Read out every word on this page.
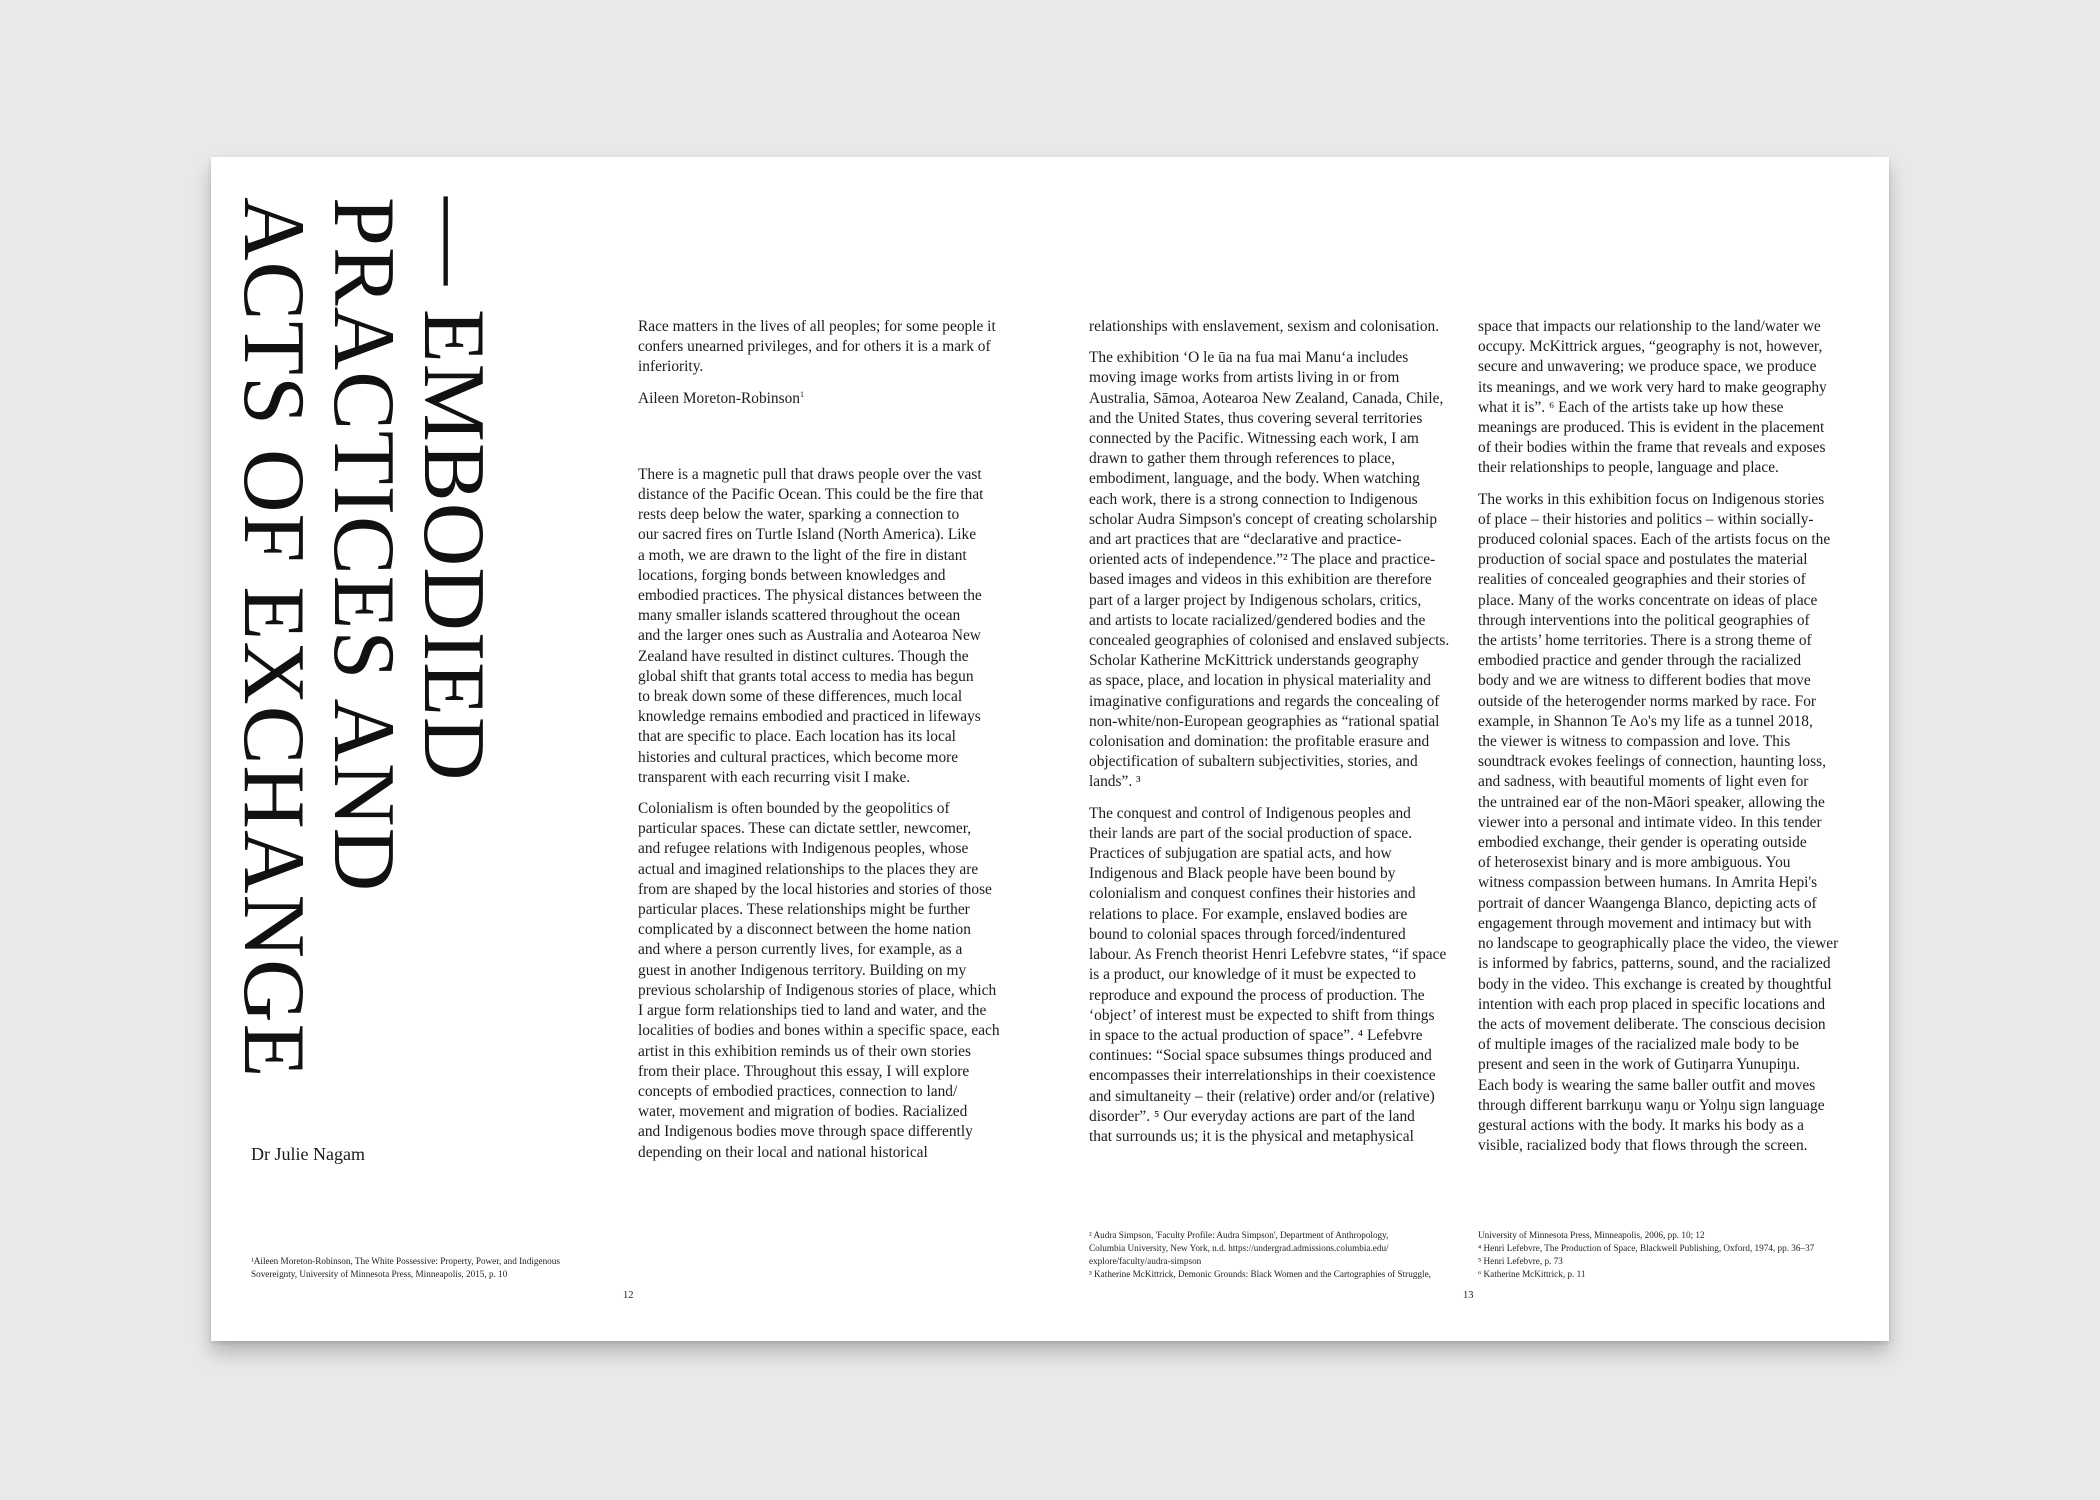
— EMBODIED
PRACTICES AND
ACTS OF EXCHANGE
Dr Julie Nagam
Race matters in the lives of all peoples; for some people it
confers unearned privileges, and for others it is a mark of
inferiority.
Aileen Moreton-Robinson$^1$

There is a magnetic pull that draws people over the vast
distance of the Pacific Ocean. This could be the fire that
rests deep below the water, sparking a connection to
our sacred fires on Turtle Island (North America). Like
a moth, we are drawn to the light of the fire in distant
locations, forging bonds between knowledges and
embodied practices. The physical distances between the
many smaller islands scattered throughout the ocean
and the larger ones such as Australia and Aotearoa New
Zealand have resulted in distinct cultures. Though the
global shift that grants total access to media has begun
to break down some of these differences, much local
knowledge remains embodied and practiced in lifeways
that are specific to place. Each location has its local
histories and cultural practices, which become more
transparent with each recurring visit I make.

Colonialism is often bounded by the geopolitics of
particular spaces. These can dictate settler, newcomer,
and refugee relations with Indigenous peoples, whose
actual and imagined relationships to the places they are
from are shaped by the local histories and stories of those
particular places. These relationships might be further
complicated by a disconnect between the home nation
and where a person currently lives, for example, as a
guest in another Indigenous territory. Building on my
previous scholarship of Indigenous stories of place, which
I argue form relationships tied to land and water, and the
localities of bodies and bones within a specific space, each
artist in this exhibition reminds us of their own stories
from their place. Throughout this essay, I will explore
concepts of embodied practices, connection to land/
water, movement and migration of bodies. Racialized
and Indigenous bodies move through space differently
depending on their local and national historical

¹Aileen Moreton-Robinson, The White Possessive: Property, Power, and Indigenous
Sovereignty, University of Minnesota Press, Minneapolis, 2015, p. 10
12

relationships with enslavement, sexism and colonisation.

The exhibition ʻO le ūa na fua mai Manuʻa includes
moving image works from artists living in or from
Australia, Sāmoa, Aotearoa New Zealand, Canada, Chile,
and the United States, thus covering several territories
connected by the Pacific. Witnessing each work, I am
drawn to gather them through references to place,
embodiment, language, and the body. When watching
each work, there is a strong connection to Indigenous
scholar Audra Simpson's concept of creating scholarship
and art practices that are “declarative and practice-
oriented acts of independence.”² The place and practice-
based images and videos in this exhibition are therefore
part of a larger project by Indigenous scholars, critics,
and artists to locate racialized/gendered bodies and the
concealed geographies of colonised and enslaved subjects.
Scholar Katherine McKittrick understands geography
as space, place, and location in physical materiality and
imaginative configurations and regards the concealing of
non-white/non-European geographies as “rational spatial
colonisation and domination: the profitable erasure and
objectification of subaltern subjectivities, stories, and
lands”. ³

The conquest and control of Indigenous peoples and
their lands are part of the social production of space.
Practices of subjugation are spatial acts, and how
Indigenous and Black people have been bound by
colonialism and conquest confines their histories and
relations to place. For example, enslaved bodies are
bound to colonial spaces through forced/indentured
labour. As French theorist Henri Lefebvre states, “if space
is a product, our knowledge of it must be expected to
reproduce and expound the process of production. The
‘object’ of interest must be expected to shift from things
in space to the actual production of space”. ⁴ Lefebvre
continues: “Social space subsumes things produced and
encompasses their interrelationships in their coexistence
and simultaneity – their (relative) order and/or (relative)
disorder”. ⁵ Our everyday actions are part of the land
that surrounds us; it is the physical and metaphysical

space that impacts our relationship to the land/water we
occupy. McKittrick argues, “geography is not, however,
secure and unwavering; we produce space, we produce
its meanings, and we work very hard to make geography
what it is”. ⁶ Each of the artists take up how these
meanings are produced. This is evident in the placement
of their bodies within the frame that reveals and exposes
their relationships to people, language and place.

The works in this exhibition focus on Indigenous stories
of place – their histories and politics – within socially-
produced colonial spaces. Each of the artists focus on the
production of social space and postulates the material
realities of concealed geographies and their stories of
place. Many of the works concentrate on ideas of place
through interventions into the political geographies of
the artists’ home territories. There is a strong theme of
embodied practice and gender through the racialized
body and we are witness to different bodies that move
outside of the heterogender norms marked by race. For
example, in Shannon Te Ao's my life as a tunnel 2018,
the viewer is witness to compassion and love. This
soundtrack evokes feelings of connection, haunting loss,
and sadness, with beautiful moments of light even for
the untrained ear of the non-Māori speaker, allowing the
viewer into a personal and intimate video. In this tender
embodied exchange, their gender is operating outside
of heterosexist binary and is more ambiguous. You
witness compassion between humans. In Amrita Hepi's
portrait of dancer Waangenga Blanco, depicting acts of
engagement through movement and intimacy but with
no landscape to geographically place the video, the viewer
is informed by fabrics, patterns, sound, and the racialized
body in the video. This exchange is created by thoughtful
intention with each prop placed in specific locations and
the acts of movement deliberate. The conscious decision
of multiple images of the racialized male body to be
present and seen in the work of Gutiŋarra Yunupiŋu.
Each body is wearing the same baller outfit and moves
through different barrkuŋu waŋu or Yolŋu sign language
gestural actions with the body. It marks his body as a
visible, racialized body that flows through the screen.

² Audra Simpson, 'Faculty Profile: Audra Simpson', Department of Anthropology,
Columbia University, New York, n.d. https://undergrad.admissions.columbia.edu/
explore/faculty/audra-simpson
³ Katherine McKittrick, Demonic Grounds: Black Women and the Cartographies of Struggle,
University of Minnesota Press, Minneapolis, 2006, pp. 10; 12
⁴ Henri Lefebvre, The Production of Space, Blackwell Publishing, Oxford, 1974, pp. 36–37
⁵ Henri Lefebvre, p. 73
⁶ Katherine McKittrick, p. 11
13
